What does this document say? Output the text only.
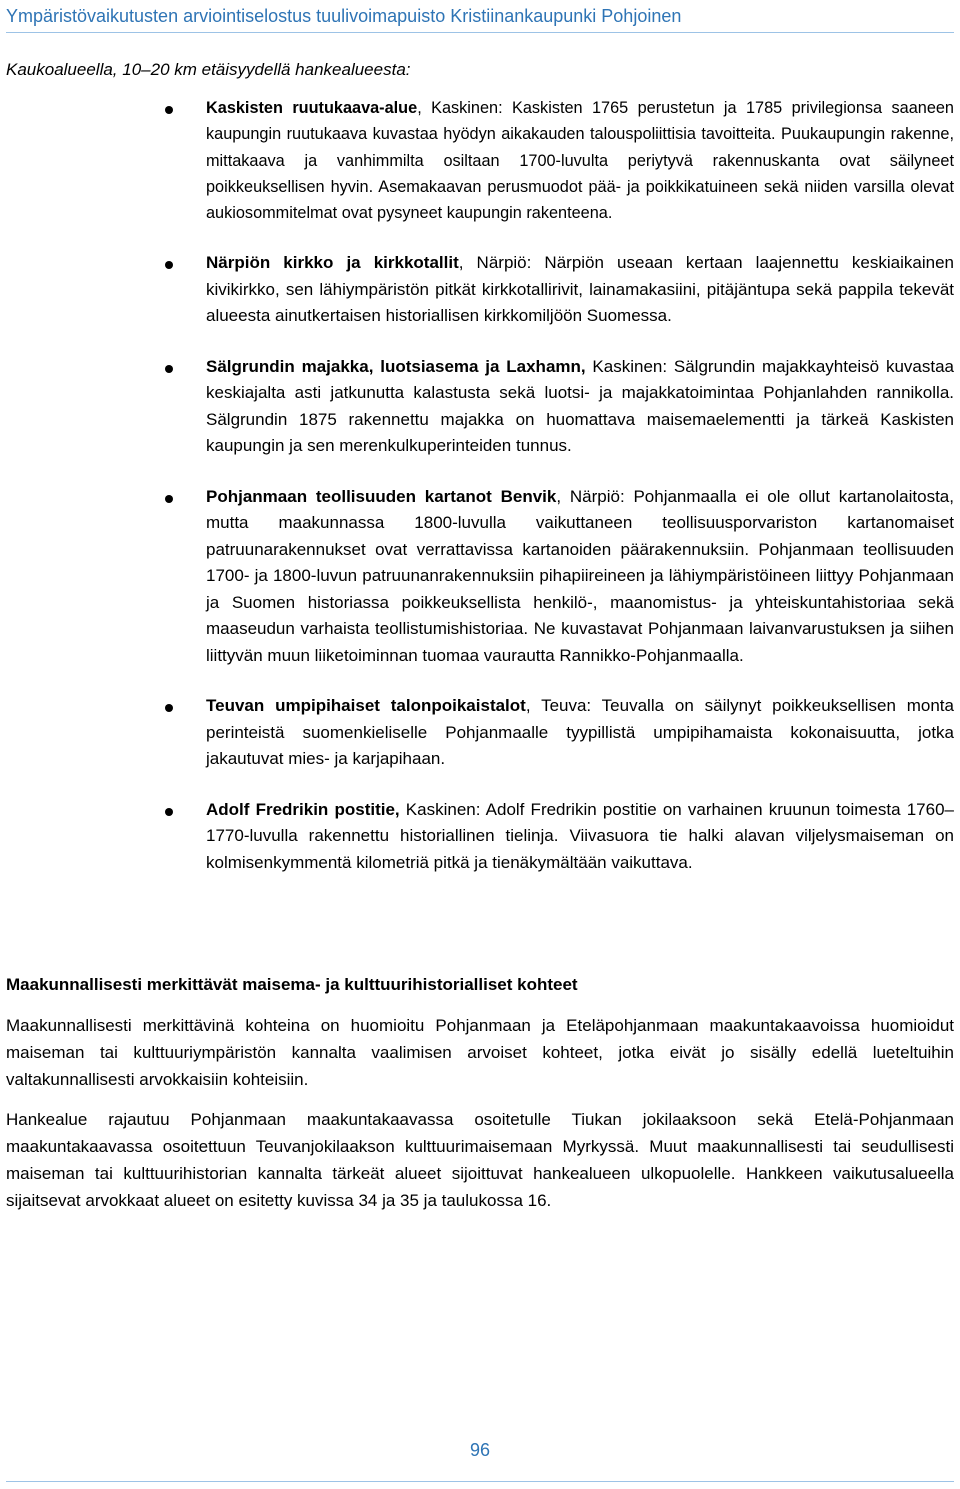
Ympäristövaikutusten arviointiselostus tuulivoimapuisto Kristiinankaupunki Pohjoinen
Kaukoalueella, 10–20 km etäisyydellä hankealueesta:

Kaskisten ruutukaava-alue, Kaskinen: Kaskisten 1765 perustetun ja 1785 privilegionsa saaneen kaupungin ruutukaava kuvastaa hyödyn aikakauden talouspoliittisia tavoitteita. Puukaupungin rakenne, mittakaava ja vanhimmilta osiltaan 1700-luvulta periytyvä rakennuskanta ovat säilyneet poikkeuksellisen hyvin. Asemakaavan perusmuodot pää- ja poikkikatuineen sekä niiden varsilla olevat aukiosommitelmat ovat pysyneet kaupungin rakenteena.

Närpiön kirkko ja kirkkotallit, Närpiö: Närpiön useaan kertaan laajennettu keskiaikainen kivikirkko, sen lähiympäristön pitkät kirkkotallirivit, lainamakasiini, pitäjäntupa sekä pappila tekevät alueesta ainutkertaisen historiallisen kirkkomiljöön Suomessa.

Sälgrundin majakka, luotsiasema ja Laxhamn, Kaskinen: Sälgrundin majakkayhteisö kuvastaa keskiajalta asti jatkunutta kalastusta sekä luotsi- ja majakkatoimintaa Pohjanlahden rannikolla. Sälgrundin 1875 rakennettu majakka on huomattava maisemaelementti ja tärkeä Kaskisten kaupungin ja sen merenkulkuperinteiden tunnus.

Pohjanmaan teollisuuden kartanot Benvik, Närpiö: Pohjanmaalla ei ole ollut kartanolaitosta, mutta maakunnassa 1800-luvulla vaikuttaneen teollisuusporvariston kartanomaiset patruunarakennukset ovat verrattavissa kartanoiden päärakennuksiin. Pohjanmaan teollisuuden 1700- ja 1800-luvun patruunanrakennuksiin pihapiireineen ja lähiympäristöineen liittyy Pohjanmaan ja Suomen historiassa poikkeuksellista henkilö-, maanomistus- ja yhteiskuntahistoriaa sekä maaseudun varhaista teollistumishistoriaa. Ne kuvastavat Pohjanmaan laivanvarustuksen ja siihen liittyvän muun liiketoiminnan tuomaa vaurautta Rannikko-Pohjanmaalla.

Teuvan umpipihaiset talonpoikaistalot, Teuva: Teuvalla on säilynyt poikkeuksellisen monta perinteistä suomenkieliselle Pohjanmaalle tyypillistä umpipihamaista kokonaisuutta, jotka jakautuvat mies- ja karjapihaan.

Adolf Fredrikin postitie, Kaskinen: Adolf Fredrikin postitie on varhainen kruunun toimesta 1760–1770-luvulla rakennettu historiallinen tielinja. Viivasuora tie halki alavan viljelysmaiseman on kolmisenkymmentä kilometriä pitkä ja tienäkymältään vaikuttava.

Maakunnallisesti merkittävät maisema- ja kulttuurihistorialliset kohteet

Maakunnallisesti merkittävinä kohteina on huomioitu Pohjanmaan ja Eteläpohjanmaan maakuntakaavoissa huomioidut maiseman tai kulttuuriympäristön kannalta vaalimisen arvoiset kohteet, jotka eivät jo sisälly edellä lueteltuihin valtakunnallisesti arvokkaisiin kohteisiin.

Hankealue rajautuu Pohjanmaan maakuntakaavassa osoitetulle Tiukan jokilaaksoon sekä Etelä-Pohjanmaan maakuntakaavassa osoitettuun Teuvanjokilaakson kulttuurimaisemaan Myrkyssä. Muut maakunnallisesti tai seudullisesti maiseman tai kulttuurihistorian kannalta tärkeät alueet sijoittuvat hankealueen ulkopuolelle. Hankkeen vaikutusalueella sijaitsevat arvokkaat alueet on esitetty kuvissa 34 ja 35 ja taulukossa 16.

96
